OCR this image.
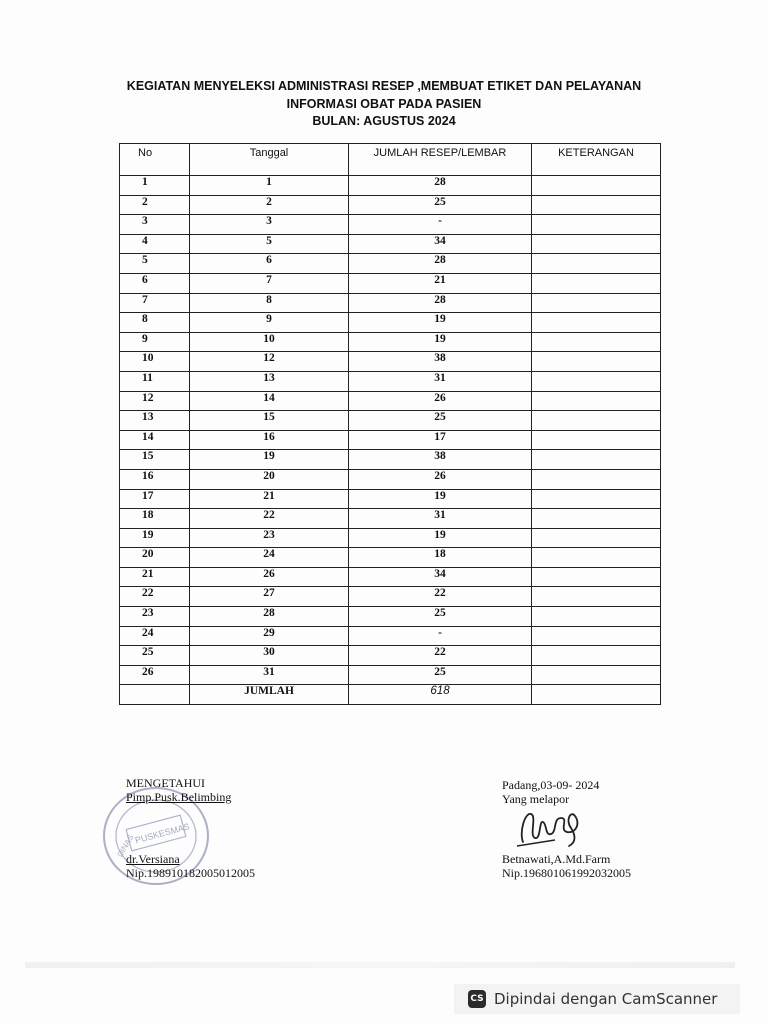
KEGIATAN MENYELEKSI ADMINISTRASI RESEP ,MEMBUAT ETIKET DAN PELAYANAN
INFORMASI OBAT PADA PASIEN
BULAN: AGUSTUS 2024
No	Tanggal	JUMLAH RESEP/LEMBAR	KETERANGAN
1	1	28	
2	2	25	
3	3	-	
4	5	34	
5	6	28	
6	7	21	
7	8	28	
8	9	19	
9	10	19	
10	12	38	
11	13	31	
12	14	26	
13	15	25	
14	16	17	
15	19	38	
16	20	26	
17	21	19	
18	22	31	
19	23	19	
20	24	18	
21	26	34	
22	27	22	
23	28	25	
24	29	-	
25	30	22	
26	31	25	
	JUMLAH	618	
PUSKESMAS
DINAS
MENGETAHUI
Pimp.Pusk.Belimbing
dr.Versiana
Nip.198910182005012005
Padang,03-09- 2024
Yang melapor
Betnawati,A.Md.Farm
Nip.196801061992032005
CS Dipindai dengan CamScanner
